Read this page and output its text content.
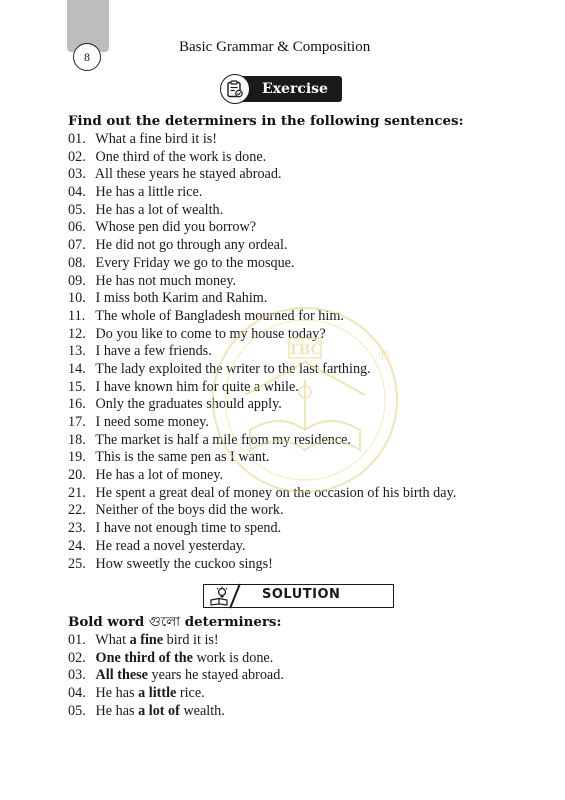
8
Basic Grammar & Composition
Exercise
Find out the determiners in the following sentences:
01. What a fine bird it is!
02. One third of the work is done.
03. All these years he stayed abroad.
04. He has a little rice.
05. He has a lot of wealth.
06. Whose pen did you borrow?
07. He did not go through any ordeal.
08. Every Friday we go to the mosque.
09. He has not much money.
10. I miss both Karim and Rahim.
11. The whole of Bangladesh mourned for him.
12. Do you like to come to my house today?
13. I have a few friends.
14. The lady exploited the writer to the last farthing.
15. I have known him for quite a while.
16. Only the graduates should apply.
17. I need some money.
18. The market is half a mile from my residence.
19. This is the same pen as I want.
20. He has a lot of money.
21. He spent a great deal of money on the occasion of his birth day.
22. Neither of the boys did the work.
23. I have not enough time to spend.
24. He read a novel yesterday.
25. How sweetly the cuckoo sings!
TBC	®
SOLUTION
Bold word গুলো determiners:
01. What a fine bird it is!
02. One third of the work is done.
03. All these years he stayed abroad.
04. He has a little rice.
05. He has a lot of wealth.
